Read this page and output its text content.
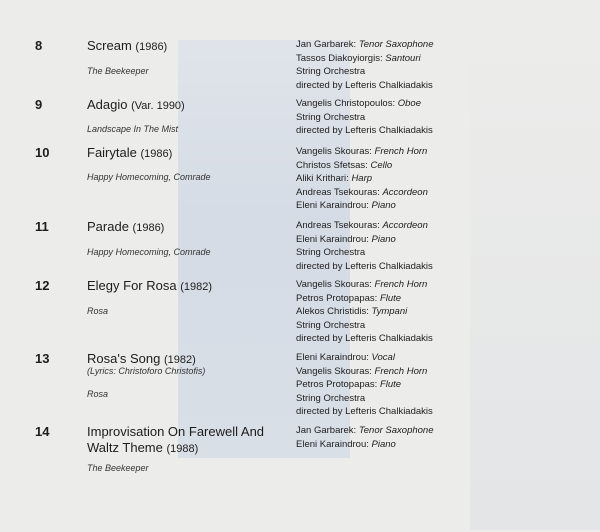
8	Scream (1986)
The Beekeeper
Jan Garbarek: Tenor Saxophone
Tassos Diakoyiorgis: Santouri
String Orchestra
directed by Lefteris Chalkiadakis
9	Adagio (Var. 1990)
Landscape In The Mist
Vangelis Christopoulos: Oboe
String Orchestra
directed by Lefteris Chalkiadakis
10	Fairytale (1986)
Happy Homecoming, Comrade
Vangelis Skouras: French Horn
Christos Sfetsas: Cello
Aliki Krithari: Harp
Andreas Tsekouras: Accordeon
Eleni Karaindrou: Piano
11	Parade (1986)
Happy Homecoming, Comrade
Andreas Tsekouras: Accordeon
Eleni Karaindrou: Piano
String Orchestra
directed by Lefteris Chalkiadakis
12	Elegy For Rosa (1982)
Rosa
Vangelis Skouras: French Horn
Petros Protopapas: Flute
Alekos Christidis: Tympani
String Orchestra
directed by Lefteris Chalkiadakis
13	Rosa's Song (1982)
(Lyrics: Christoforo Christofis)
Rosa
Eleni Karaindrou: Vocal
Vangelis Skouras: French Horn
Petros Protopapas: Flute
String Orchestra
directed by Lefteris Chalkiadakis
14	Improvisation On Farewell And Waltz Theme (1988)
The Beekeeper
Jan Garbarek: Tenor Saxophone
Eleni Karaindrou: Piano
